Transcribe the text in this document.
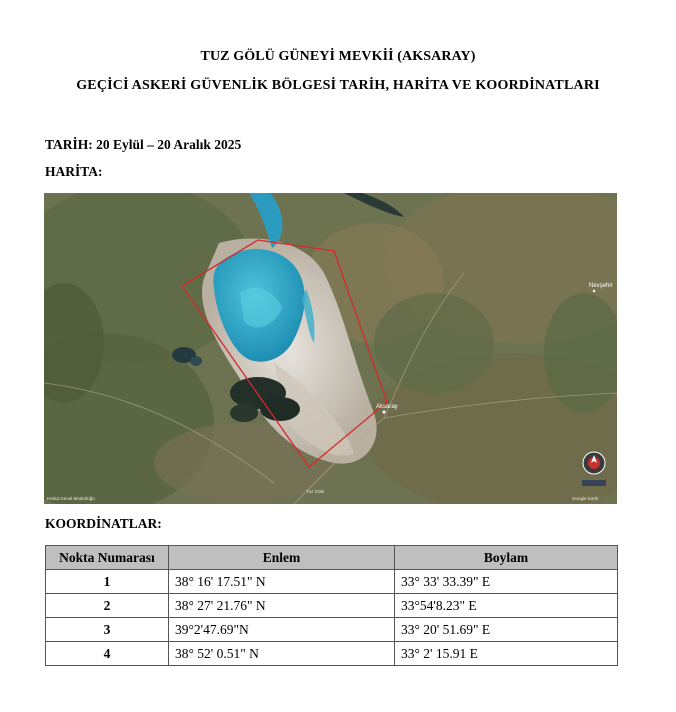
TUZ GÖLÜ GÜNEYİ MEVKİİ (AKSARAY)
GEÇİCİ ASKERİ GÜVENLİK BÖLGESİ TARİH, HARİTA VE KOORDİNATLARI
TARİH: 20 Eylül – 20 Aralık 2025
HARİTA:
Aksaray
Nevşehir
Harita Genel Müdürlüğü
Tuz Gölü
Google Earth
KOORDİNATLAR:
Nokta Numarası	Enlem	Boylam
1	38° 16' 17.51" N	33° 33' 33.39" E
2	38° 27' 21.76" N	33°54'8.23" E
3	39°2'47.69"N	33° 20' 51.69" E
4	38° 52' 0.51" N	33° 2' 15.91 E
